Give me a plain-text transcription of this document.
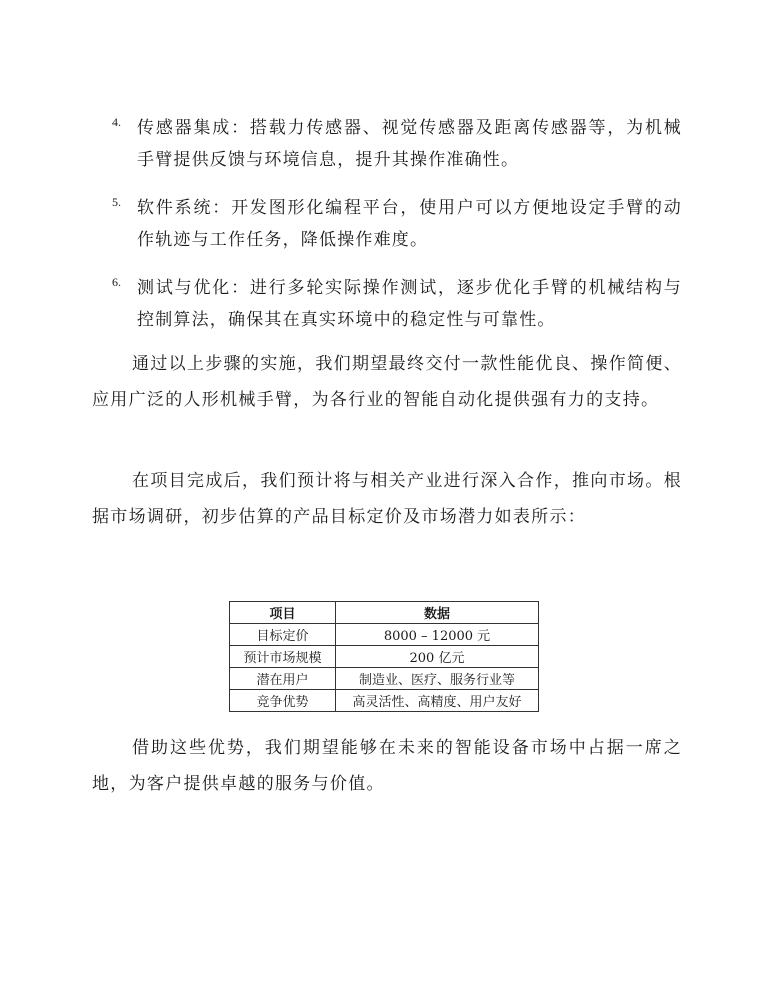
4. 传感器集成：搭载力传感器、视觉传感器及距离传感器等，为机械手臂提供反馈与环境信息，提升其操作准确性。
5. 软件系统：开发图形化编程平台，使用户可以方便地设定手臂的动作轨迹与工作任务，降低操作难度。
6. 测试与优化：进行多轮实际操作测试，逐步优化手臂的机械结构与控制算法，确保其在真实环境中的稳定性与可靠性。

通过以上步骤的实施，我们期望最终交付一款性能优良、操作简便、应用广泛的人形机械手臂，为各行业的智能自动化提供强有力的支持。

在项目完成后，我们预计将与相关产业进行深入合作，推向市场。根据市场调研，初步估算的产品目标定价及市场潜力如表所示：

项目	数据
目标定价	8000 – 12000 元
预计市场规模	200 亿元
潜在用户	制造业、医疗、服务行业等
竞争优势	高灵活性、高精度、用户友好

借助这些优势，我们期望能够在未来的智能设备市场中占据一席之地，为客户提供卓越的服务与价值。
